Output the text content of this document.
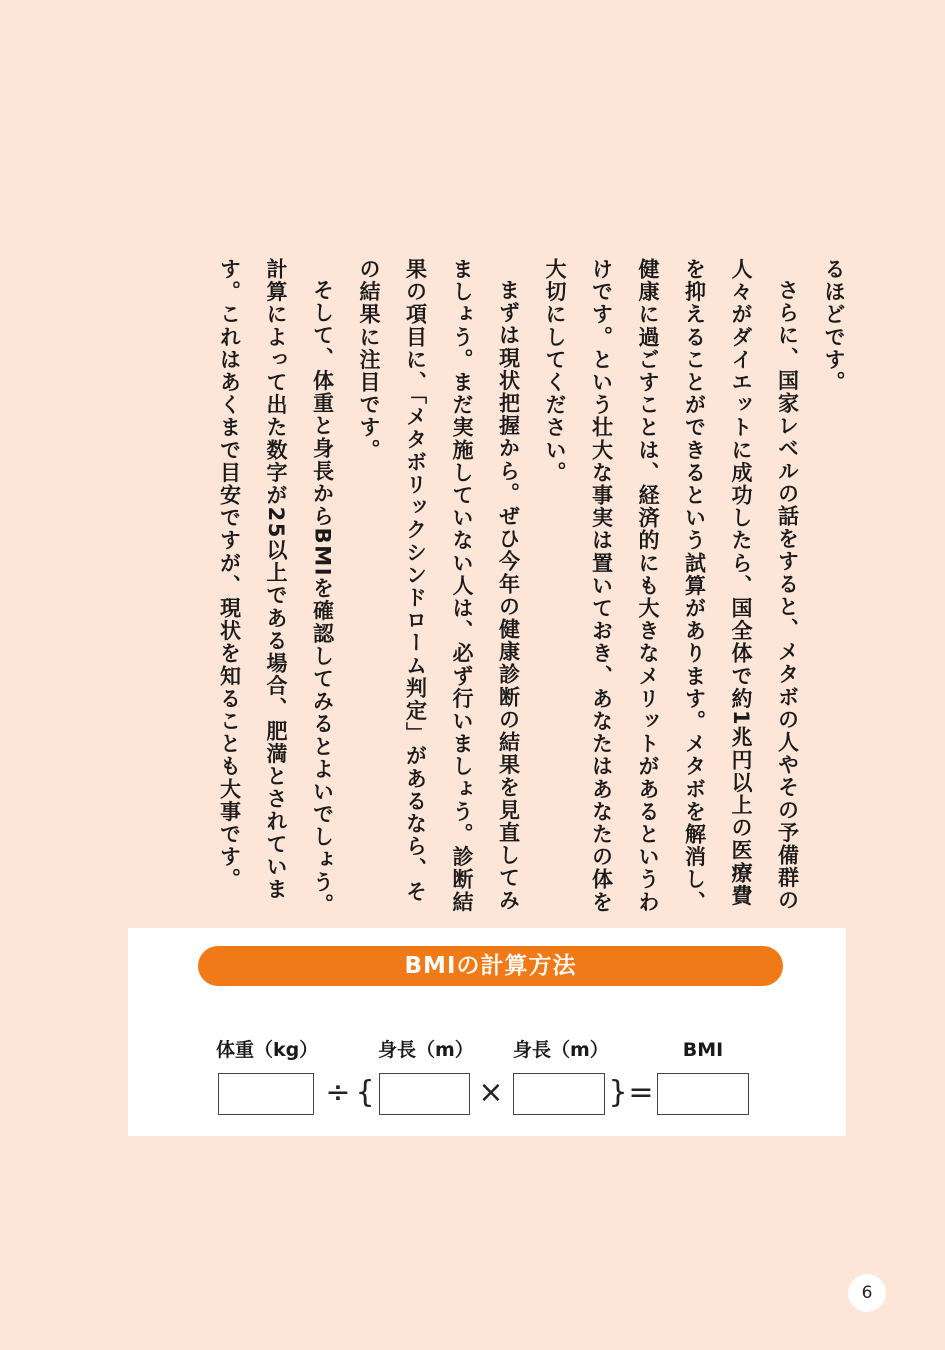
るほどです。

さらに、国家レベルの話をすると、メタボの人やその予備群の人々がダイエットに成功したら、国全体で約1兆円以上の医療費を抑えることができるという試算があります。メタボを解消し、健康に過ごすことは、経済的にも大きなメリットがあるというわけです。という壮大な事実は置いておき、あなたはあなたの体を大切にしてください。

まずは現状把握から。ぜひ今年の健康診断の結果を見直してみましょう。まだ実施していない人は、必ず行いましょう。診断結果の項目に、「メタボリックシンドローム判定」があるなら、その結果に注目です。

そして、体重と身長からBMIを確認してみるとよいでしょう。計算によって出た数字が25以上である場合、肥満とされています。これはあくまで目安ですが、現状を知ることも大事です。

BMIの計算方法
体重（kg）	身長（m） 身長（m）	BMI
÷ {	×	} =
6
